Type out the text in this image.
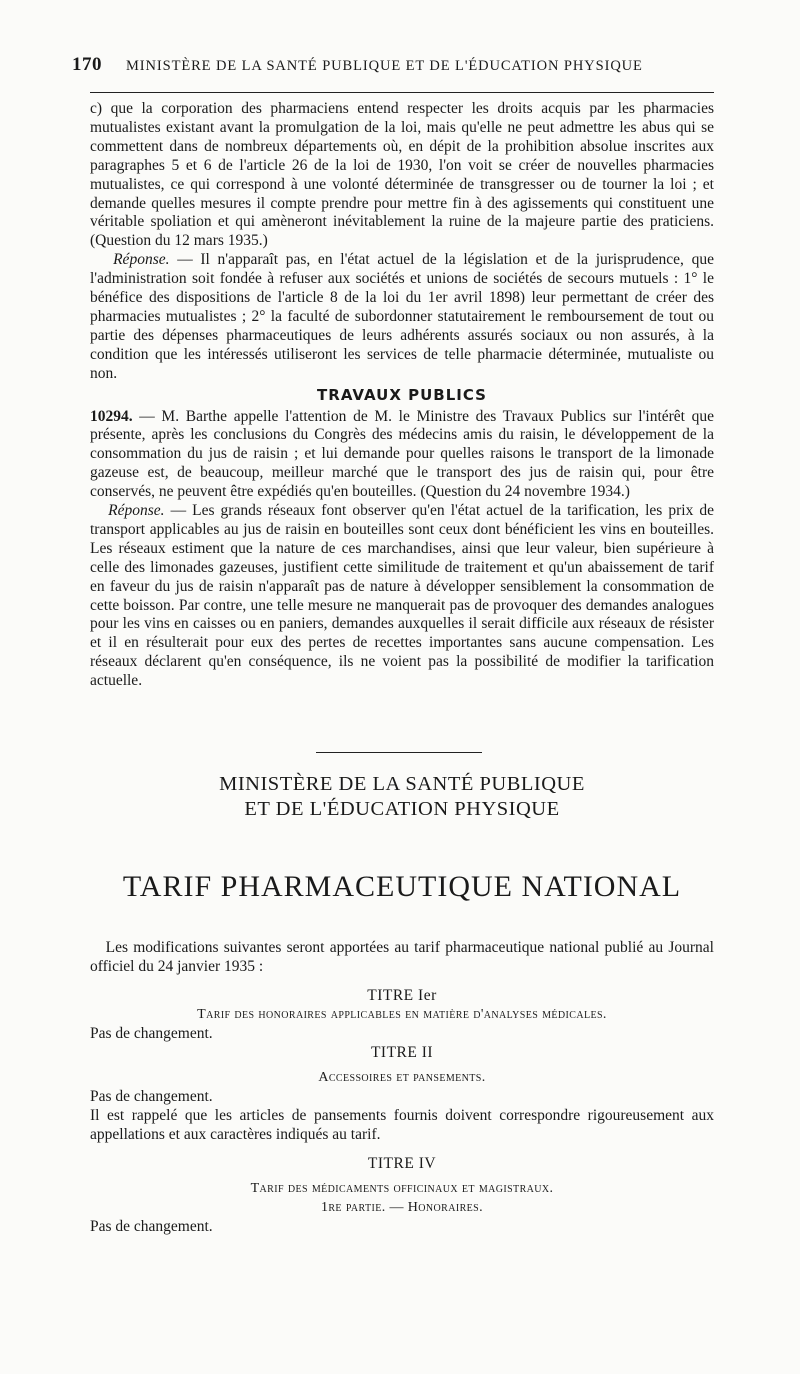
170 MINISTÈRE DE LA SANTÉ PUBLIQUE ET DE L'ÉDUCATION PHYSIQUE

c) que la corporation des pharmaciens entend respecter les droits acquis par les pharmacies mutualistes existant avant la promulgation de la loi, mais qu'elle ne peut admettre les abus qui se commettent dans de nombreux départements où, en dépit de la prohibition absolue inscrites aux paragraphes 5 et 6 de l'article 26 de la loi de 1930, l'on voit se créer de nouvelles pharmacies mutualistes, ce qui correspond à une volonté déterminée de transgresser ou de tourner la loi ; et demande quelles mesures il compte prendre pour mettre fin à des agissements qui constituent une véritable spoliation et qui amèneront inévitablement la ruine de la majeure partie des praticiens. (Question du 12 mars 1935.)

Réponse. — Il n'apparaît pas, en l'état actuel de la législation et de la jurisprudence, que l'administration soit fondée à refuser aux sociétés et unions de sociétés de secours mutuels : 1° le bénéfice des dispositions de l'article 8 de la loi du 1er avril 1898) leur permettant de créer des pharmacies mutualistes ; 2° la faculté de subordonner statutairement le remboursement de tout ou partie des dépenses pharmaceutiques de leurs adhérents assurés sociaux ou non assurés, à la condition que les intéressés utiliseront les services de telle pharmacie déterminée, mutualiste ou non.

TRAVAUX PUBLICS

10294. — M. Barthe appelle l'attention de M. le Ministre des Travaux Publics sur l'intérêt que présente, après les conclusions du Congrès des médecins amis du raisin, le développement de la consommation du jus de raisin ; et lui demande pour quelles raisons le transport de la limonade gazeuse est, de beaucoup, meilleur marché que le transport des jus de raisin qui, pour être conservés, ne peuvent être expédiés qu'en bouteilles. (Question du 24 novembre 1934.)

Réponse. — Les grands réseaux font observer qu'en l'état actuel de la tarification, les prix de transport applicables au jus de raisin en bouteilles sont ceux dont bénéficient les vins en bouteilles. Les réseaux estiment que la nature de ces marchandises, ainsi que leur valeur, bien supérieure à celle des limonades gazeuses, justifient cette similitude de traitement et qu'un abaissement de tarif en faveur du jus de raisin n'apparaît pas de nature à développer sensiblement la consommation de cette boisson. Par contre, une telle mesure ne manquerait pas de provoquer des demandes analogues pour les vins en caisses ou en paniers, demandes auxquelles il serait difficile aux réseaux de résister et il en résulterait pour eux des pertes de recettes importantes sans aucune compensation. Les réseaux déclarent qu'en conséquence, ils ne voient pas la possibilité de modifier la tarification actuelle.

MINISTÈRE DE LA SANTÉ PUBLIQUE
ET DE L'ÉDUCATION PHYSIQUE
TARIF PHARMACEUTIQUE NATIONAL

Les modifications suivantes seront apportées au tarif pharmaceutique national publié au Journal officiel du 24 janvier 1935 :

TITRE Ier
Tarif des honoraires applicables en matière d'analyses médicales.

Pas de changement.

TITRE II
Accessoires et pansements.

Pas de changement.

Il est rappelé que les articles de pansements fournis doivent correspondre rigoureusement aux appellations et aux caractères indiqués au tarif.

TITRE IV
Tarif des médicaments officinaux et magistraux.
1re partie. — Honoraires.

Pas de changement.
